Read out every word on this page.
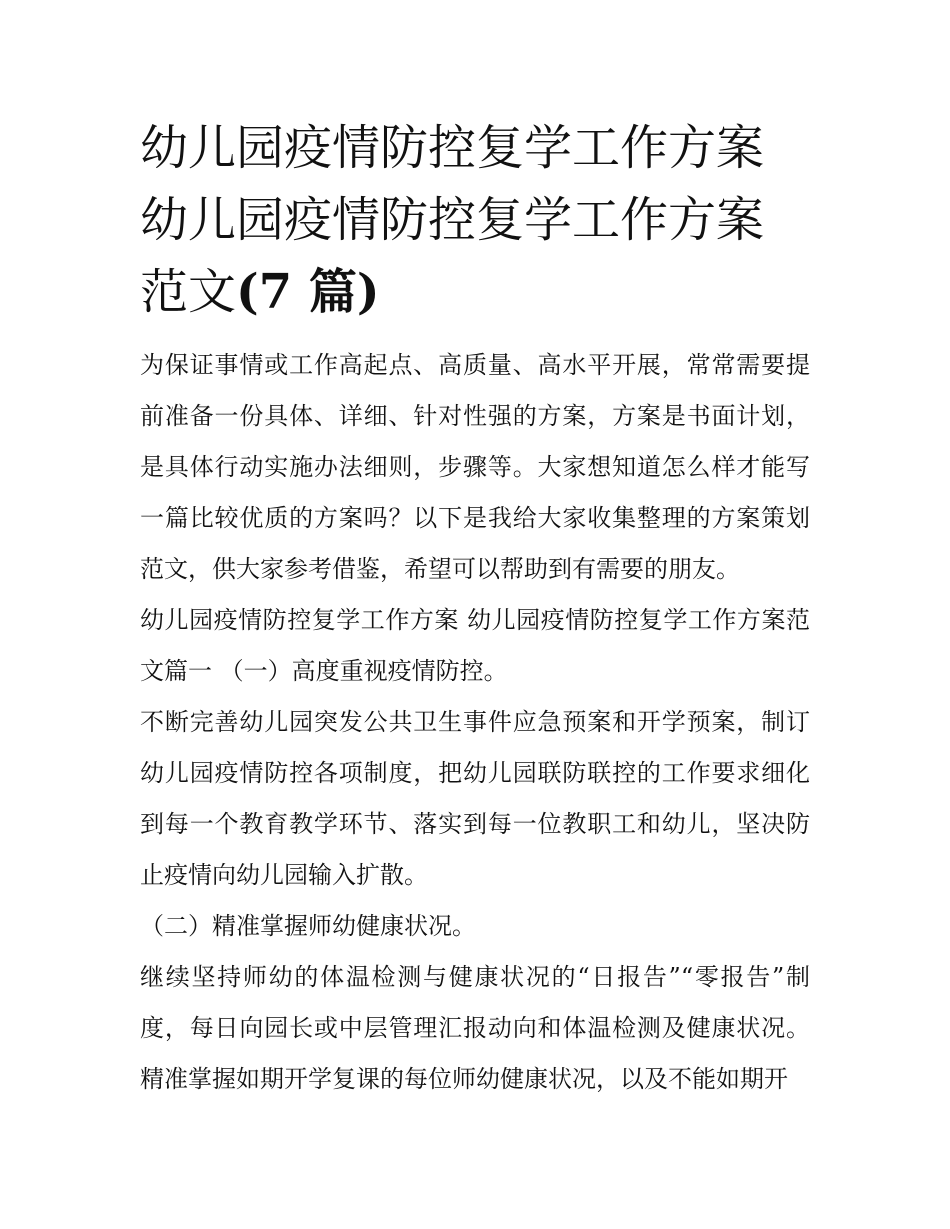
幼儿园疫情防控复学工作方案
幼儿园疫情防控复学工作方案
范文(7 篇)

为保证事情或工作高起点、高质量、高水平开展，常常需要提前准备一份具体、详细、针对性强的方案，方案是书面计划，是具体行动实施办法细则，步骤等。大家想知道怎么样才能写一篇比较优质的方案吗？以下是我给大家收集整理的方案策划范文，供大家参考借鉴，希望可以帮助到有需要的朋友。

幼儿园疫情防控复学工作方案 幼儿园疫情防控复学工作方案范文篇一 （一）高度重视疫情防控。

不断完善幼儿园突发公共卫生事件应急预案和开学预案，制订幼儿园疫情防控各项制度，把幼儿园联防联控的工作要求细化到每一个教育教学环节、落实到每一位教职工和幼儿，坚决防止疫情向幼儿园输入扩散。

（二）精准掌握师幼健康状况。

继续坚持师幼的体温检测与健康状况的“日报告”“零报告”制度，每日向园长或中层管理汇报动向和体温检测及健康状况。精准掌握如期开学复课的每位师幼健康状况，以及不能如期开
